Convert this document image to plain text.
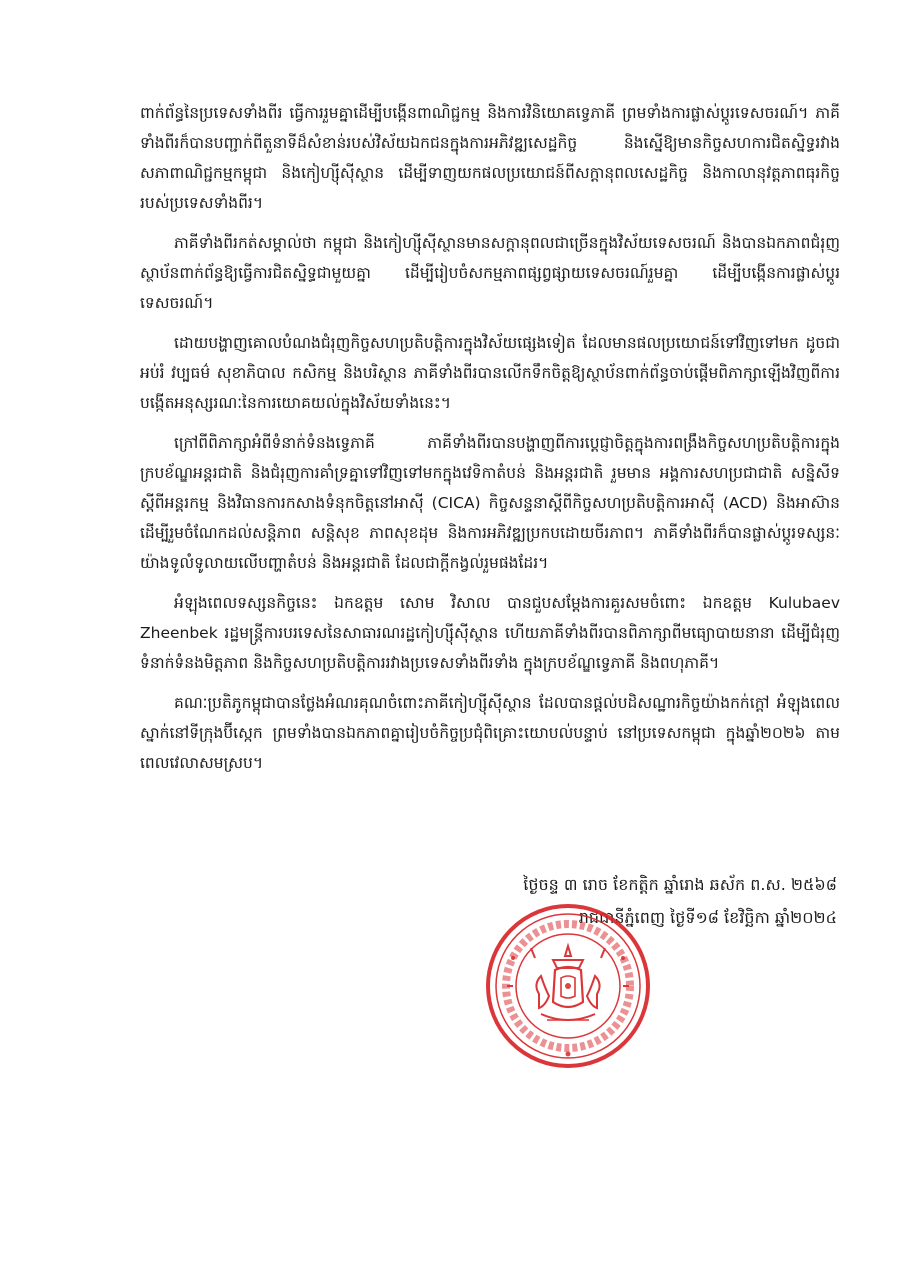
ពាក់ព័ន្ធនៃប្រទេសទាំងពីរ ធ្វើការរួមគ្នាដើម្បីបង្កើនពាណិជ្ជកម្ម និងការវិនិយោគទ្វេភាគី ព្រមទាំងការផ្លាស់ប្ដូរទេសចរណ៍។ ភាគីទាំងពីរក៏បានបញ្ជាក់ពីតួនាទីដ៏សំខាន់របស់វិស័យឯកជនក្នុងការអភិវឌ្ឍសេដ្ឋកិច្ច និងស្នើឱ្យមានកិច្ចសហការជិតស្និទ្ធរវាងសភាពាណិជ្ជកម្មកម្ពុជា និងកៀហ្ស៊ីស៊ីស្ថាន ដើម្បីទាញយកផលប្រយោជន៍ពីសក្ដានុពលសេដ្ឋកិច្ច និងកាលានុវត្តភាពធុរកិច្ចរបស់ប្រទេសទាំងពីរ។

ភាគីទាំងពីរកត់សម្គាល់ថា កម្ពុជា និងកៀហ្ស៊ីស៊ីស្ថានមានសក្ដានុពលជាច្រើនក្នុងវិស័យទេសចរណ៍ និងបានឯកភាពជំរុញស្ថាប័នពាក់ព័ន្ធឱ្យធ្វើការជិតស្និទ្ធជាមួយគ្នា ដើម្បីរៀបចំសកម្មភាពផ្សព្វផ្សាយទេសចរណ៍រួមគ្នា ដើម្បីបង្កើនការផ្លាស់ប្ដូរទេសចរណ៍។

ដោយបង្ហាញគោលបំណងជំរុញកិច្ចសហប្រតិបត្តិការក្នុងវិស័យផ្សេងទៀត ដែលមានផលប្រយោជន៍ទៅវិញទៅមក ដូចជា អប់រំ វប្បធម៌ សុខាភិបាល កសិកម្ម និងបរិស្ថាន ភាគីទាំងពីរបានលើកទឹកចិត្តឱ្យស្ថាប័នពាក់ព័ន្ធចាប់ផ្ដើមពិភាក្សាឡើងវិញពីការបង្កើតអនុស្សរណៈនៃការយោគយល់ក្នុងវិស័យទាំងនេះ។

ក្រៅពីពិភាក្សាអំពីទំនាក់ទំនងទ្វេភាគី ភាគីទាំងពីរបានបង្ហាញពីការប្ដេជ្ញាចិត្តក្នុងការពង្រឹងកិច្ចសហប្រតិបត្តិការក្នុងក្របខ័ណ្ឌអន្តរជាតិ និងជំរុញការគាំទ្រគ្នាទៅវិញទៅមកក្នុងវេទិកាតំបន់ និងអន្តរជាតិ រួមមាន អង្គការសហប្រជាជាតិ សន្និសីទស្ដីពីអន្តរកម្ម និងវិធានការកសាងទំនុកចិត្តនៅអាស៊ី (CICA) កិច្ចសន្ទនាស្ដីពីកិច្ចសហប្រតិបត្តិការអាស៊ី (ACD) និងអាស៊ាន ដើម្បីរួមចំណែកដល់សន្តិភាព សន្តិសុខ ភាពសុខដុម និងការអភិវឌ្ឍប្រកបដោយចីរភាព។ ភាគីទាំងពីរក៏បានផ្លាស់ប្ដូរទស្សនៈយ៉ាងទូលំទូលាយលើបញ្ហាតំបន់ និងអន្តរជាតិ ដែលជាក្ដីកង្វល់រួមផងដែរ។

អំឡុងពេលទស្សនកិច្ចនេះ ឯកឧត្តម សោម វិសាល បានជួបសម្ដែងការគួរសមចំពោះ ឯកឧត្តម Kulubaev Zheenbek រដ្ឋមន្ត្រីការបរទេសនៃសាធារណរដ្ឋកៀហ្ស៊ីស៊ីស្ថាន ហើយភាគីទាំងពីរបានពិភាក្សាពីមធ្យោបាយនានា ដើម្បីជំរុញទំនាក់ទំនងមិត្តភាព និងកិច្ចសហប្រតិបត្តិការរវាងប្រទេសទាំងពីរទាំង ក្នុងក្របខ័ណ្ឌទ្វេភាគី និងពហុភាគី។

គណៈប្រតិភូកម្ពុជាបានថ្លែងអំណរគុណចំពោះភាគីកៀហ្ស៊ីស៊ីស្ថាន ដែលបានផ្ដល់បដិសណ្ឋារកិច្ចយ៉ាងកក់ក្ដៅ អំឡុងពេលស្នាក់នៅទីក្រុងប៊ីស្កេក ព្រមទាំងបានឯកភាពគ្នារៀបចំកិច្ចប្រជុំពិគ្រោះយោបល់បន្ទាប់ នៅប្រទេសកម្ពុជា ក្នុងឆ្នាំ២០២៦ តាមពេលវេលាសមស្រប។

ថ្ងៃចន្ទ ៣ រោច ខែកត្តិក ឆ្នាំរោង ឆស័ក ព.ស. ២៥៦៨
រាជធានីភ្នំពេញ ថ្ងៃទី១៨ ខែវិច្ឆិកា ឆ្នាំ២០២៤
